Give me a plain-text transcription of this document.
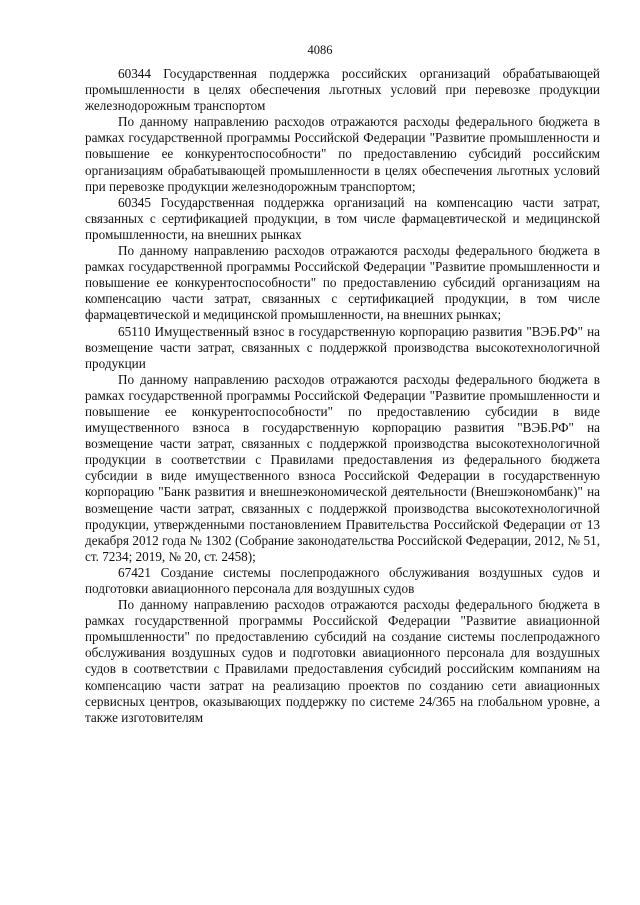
4086

60344 Государственная поддержка российских организаций обрабатывающей промышленности в целях обеспечения льготных условий при перевозке продукции железнодорожным транспортом

По данному направлению расходов отражаются расходы федерального бюджета в рамках государственной программы Российской Федерации "Развитие промышленности и повышение ее конкурентоспособности" по предоставлению субсидий российским организациям обрабатывающей промышленности в целях обеспечения льготных условий при перевозке продукции железнодорожным транспортом;

60345 Государственная поддержка организаций на компенсацию части затрат, связанных с сертификацией продукции, в том числе фармацевтической и медицинской промышленности, на внешних рынках

По данному направлению расходов отражаются расходы федерального бюджета в рамках государственной программы Российской Федерации "Развитие промышленности и повышение ее конкурентоспособности" по предоставлению субсидий организациям на компенсацию части затрат, связанных с сертификацией продукции, в том числе фармацевтической и медицинской промышленности, на внешних рынках;

65110 Имущественный взнос в государственную корпорацию развития "ВЭБ.РФ" на возмещение части затрат, связанных с поддержкой производства высокотехнологичной продукции

По данному направлению расходов отражаются расходы федерального бюджета в рамках государственной программы Российской Федерации "Развитие промышленности и повышение ее конкурентоспособности" по предоставлению субсидии в виде имущественного взноса в государственную корпорацию развития "ВЭБ.РФ" на возмещение части затрат, связанных с поддержкой производства высокотехнологичной продукции в соответствии с Правилами предоставления из федерального бюджета субсидии в виде имущественного взноса Российской Федерации в государственную корпорацию "Банк развития и внешнеэкономической деятельности (Внешэкономбанк)" на возмещение части затрат, связанных с поддержкой производства высокотехнологичной продукции, утвержденными постановлением Правительства Российской Федерации от 13 декабря 2012 года № 1302 (Собрание законодательства Российской Федерации, 2012, № 51, ст. 7234; 2019, № 20, ст. 2458);

67421 Создание системы послепродажного обслуживания воздушных судов и подготовки авиационного персонала для воздушных судов

По данному направлению расходов отражаются расходы федерального бюджета в рамках государственной программы Российской Федерации "Развитие авиационной промышленности" по предоставлению субсидий на создание системы послепродажного обслуживания воздушных судов и подготовки авиационного персонала для воздушных судов в соответствии с Правилами предоставления субсидий российским компаниям на компенсацию части затрат на реализацию проектов по созданию сети авиационных сервисных центров, оказывающих поддержку по системе 24/365 на глобальном уровне, а также изготовителям
